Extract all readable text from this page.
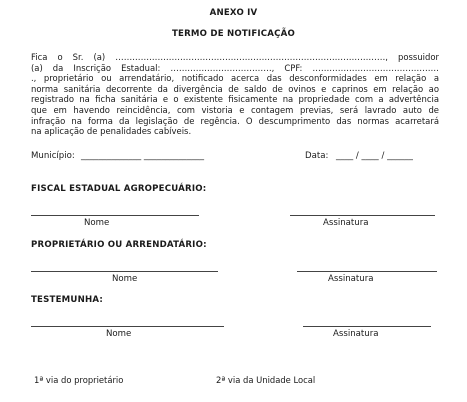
ANEXO IV
TERMO DE NOTIFICAÇÃO
Fica o Sr. (a) ……………………………………………………………………………………, possuidor
(a) da Inscrição Estadual: ………………………………, CPF: ………………………………………
., proprietário ou arrendatário, notificado acerca das desconformidades em relação a
norma sanitária decorrente da divergência de saldo de ovinos e caprinos em relação ao
registrado na ficha sanitária e o existente fisicamente na propriedade com a advertência
que em havendo reincidência, com vistoria e contagem previas, será lavrado auto de
infração na forma da legislação de regência. O descumprimento das normas acarretará
na aplicação de penalidades cabíveis.
Município: ______________ ______________	Data: ____ / ____ / ______
FISCAL ESTADUAL AGROPECUÁRIO:
Nome	Assinatura
PROPRIETÁRIO OU ARRENDATÁRIO:
Nome	Assinatura
TESTEMUNHA:
Nome	Assinatura
1ª via do proprietário	2ª via da Unidade Local
